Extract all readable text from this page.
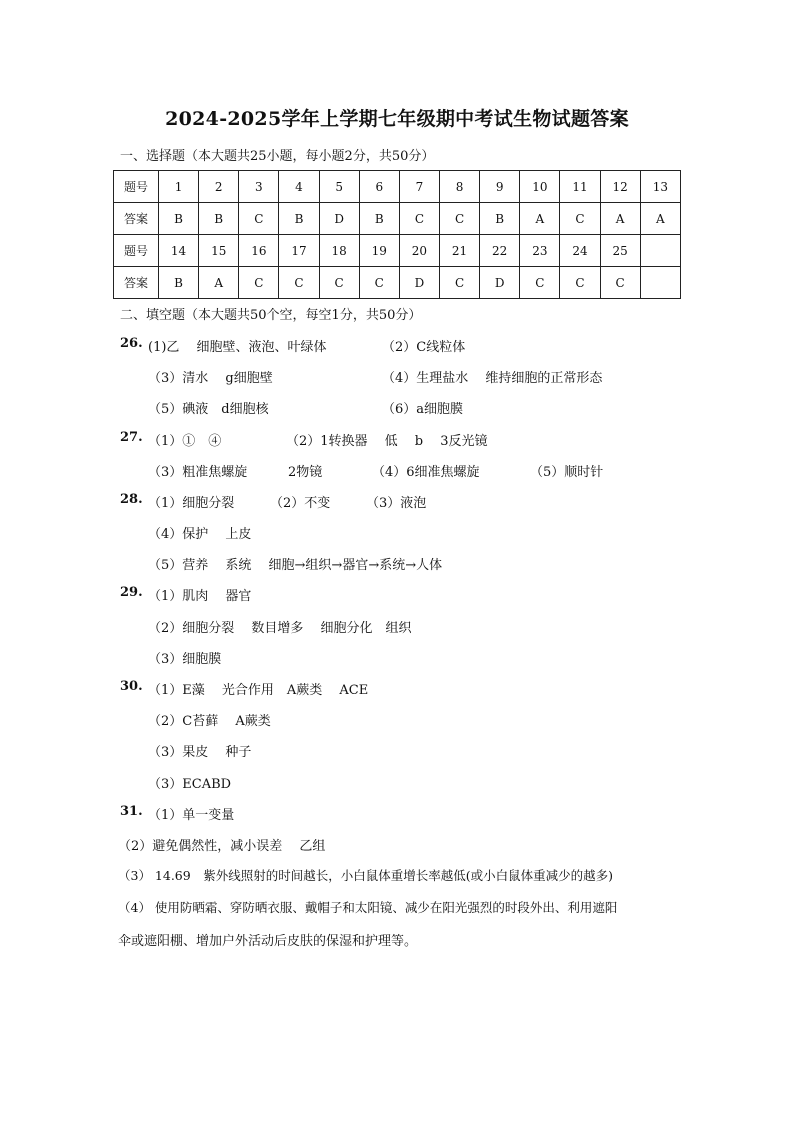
2024-2025学年上学期七年级期中考试生物试题答案
一、选择题（本大题共25小题，每小题2分，共50分）
题号	1	2	3	4	5	6	7	8	9	10	11	12	13
答案	B	B	C	B	D	B	C	C	B	A	C	A	A
题号	14	15	16	17	18	19	20	21	22	23	24	25	
答案	B	A	C	C	C	C	D	C	D	C	C	C	
二、填空题（本大题共50个空，每空1分，共50分）
26. (1)乙　 细胞壁、液泡、叶绿体	（2）C线粒体
（3）清水　 g细胞壁	（4）生理盐水　 维持细胞的正常形态
（5）碘液　d细胞核	（6）a细胞膜
27. （1）①　④	（2）1转换器　 低　 b　 3反光镜
（3）粗准焦螺旋	2物镜	（4）6细准焦螺旋	（5）顺时针
28. （1）细胞分裂	（2）不变	（3）液泡
（4）保护　 上皮
（5）营养　 系统　 细胞→组织→器官→系统→人体
29. （1）肌肉　 器官
（2）细胞分裂　 数目增多　 细胞分化　组织
（3）细胞膜
30. （1）E藻　 光合作用　A蕨类　 ACE
（2）C苔藓　 A蕨类
（3）果皮　 种子
（3）ECABD
31. （1）单一变量
（2）避免偶然性，减小误差　 乙组
（3） 14.69　紫外线照射的时间越长，小白鼠体重增长率越低(或小白鼠体重减少的越多)
（4） 使用防晒霜、穿防晒衣服、戴帽子和太阳镜、减少在阳光强烈的时段外出、利用遮阳
伞或遮阳棚、增加户外活动后皮肤的保湿和护理等。
